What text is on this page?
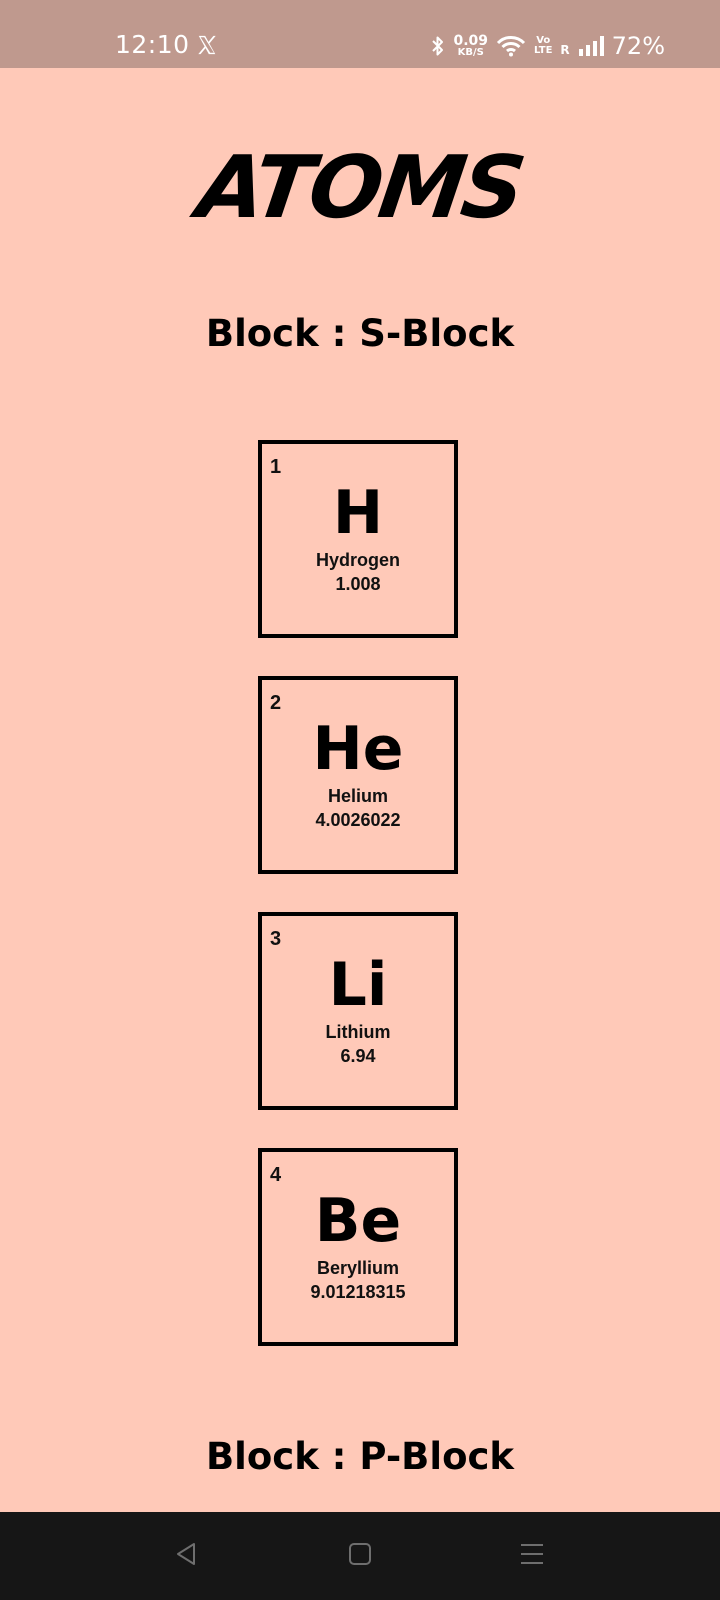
12:10	0.09
KB/S
Vo
LTE R 72%
ATOMS
Block : S-Block
1
H
Hydrogen
1.008
2
He
Helium
4.0026022
3
Li
Lithium
6.94
4
Be
Beryllium
9.01218315
Block : P-Block
